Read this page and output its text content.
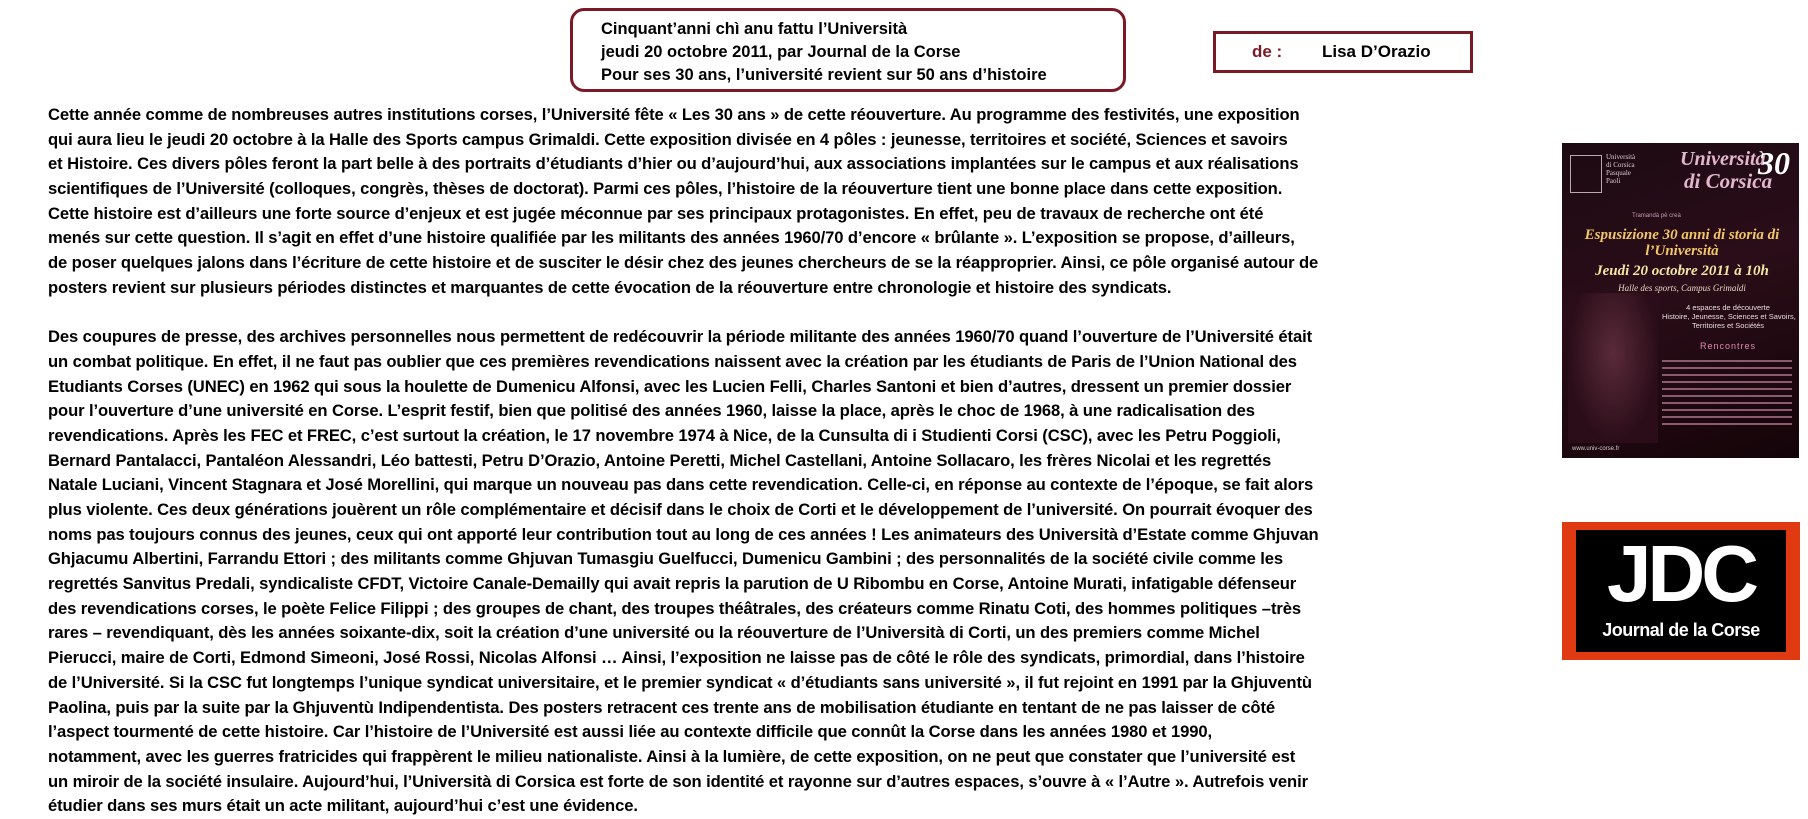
Cinquant’anni chì anu fattu l’Università
jeudi 20 octobre 2011, par Journal de la Corse
Pour ses 30 ans, l’université revient sur 50 ans d’histoire
de : Lisa D’Orazio
Cette année comme de nombreuses autres institutions corses, l’Université fête « Les 30 ans » de cette réouverture. Au programme des festivités, une exposition
qui aura lieu le jeudi 20 octobre à la Halle des Sports campus Grimaldi. Cette exposition divisée en 4 pôles : jeunesse, territoires et société, Sciences et savoirs
et Histoire. Ces divers pôles feront la part belle à des portraits d’étudiants d’hier ou d’aujourd’hui, aux associations implantées sur le campus et aux réalisations
scientifiques de l’Université (colloques, congrès, thèses de doctorat). Parmi ces pôles, l’histoire de la réouverture tient une bonne place dans cette exposition.
Cette histoire est d’ailleurs une forte source d’enjeux et est jugée méconnue par ses principaux protagonistes. En effet, peu de travaux de recherche ont été
menés sur cette question. Il s’agit en effet d’une histoire qualifiée par les militants des années 1960/70 d’encore « brûlante ». L’exposition se propose, d’ailleurs,
de poser quelques jalons dans l’écriture de cette histoire et de susciter le désir chez des jeunes chercheurs de se la réapproprier. Ainsi, ce pôle organisé autour de
posters revient sur plusieurs périodes distinctes et marquantes de cette évocation de la réouverture entre chronologie et histoire des syndicats.
Des coupures de presse, des archives personnelles nous permettent de redécouvrir la période militante des années 1960/70 quand l’ouverture de l’Université était
un combat politique. En effet, il ne faut pas oublier que ces premières revendications naissent avec la création par les étudiants de Paris de l’Union National des
Etudiants Corses (UNEC) en 1962 qui sous la houlette de Dumenicu Alfonsi, avec les Lucien Felli, Charles Santoni et bien d’autres, dressent un premier dossier
pour l’ouverture d’une université en Corse. L’esprit festif, bien que politisé des années 1960, laisse la place, après le choc de 1968, à une radicalisation des
revendications. Après les FEC et FREC, c’est surtout la création, le 17 novembre 1974 à Nice, de la Cunsulta di i Studienti Corsi (CSC), avec les Petru Poggioli,
Bernard Pantalacci, Pantaléon Alessandri, Léo battesti, Petru D’Orazio, Antoine Peretti, Michel Castellani, Antoine Sollacaro, les frères Nicolai et les regrettés
Natale Luciani, Vincent Stagnara et José Morellini, qui marque un nouveau pas dans cette revendication. Celle-ci, en réponse au contexte de l’époque, se fait alors
plus violente. Ces deux générations jouèrent un rôle complémentaire et décisif dans le choix de Corti et le développement de l’université. On pourrait évoquer des
noms pas toujours connus des jeunes, ceux qui ont apporté leur contribution tout au long de ces années ! Les animateurs des Università d’Estate comme Ghjuvan
Ghjacumu Albertini, Farrandu Ettori ; des militants comme Ghjuvan Tumasgiu Guelfucci, Dumenicu Gambini ; des personnalités de la société civile comme les
regrettés Sanvitus Predali, syndicaliste CFDT, Victoire Canale-Demailly qui avait repris la parution de U Ribombu en Corse, Antoine Murati, infatigable défenseur
des revendications corses, le poète Felice Filippi ; des groupes de chant, des troupes théâtrales, des créateurs comme Rinatu Coti, des hommes politiques –très
rares – revendiquant, dès les années soixante-dix, soit la création d’une université ou la réouverture de l’Università di Corti, un des premiers comme Michel
Pierucci, maire de Corti, Edmond Simeoni, José Rossi, Nicolas Alfonsi … Ainsi, l’exposition ne laisse pas de côté le rôle des syndicats, primordial, dans l’histoire
de l’Université. Si la CSC fut longtemps l’unique syndicat universitaire, et le premier syndicat « d’étudiants sans université », il fut rejoint en 1991 par la Ghjuventù
Paolina, puis par la suite par la Ghjuventù Indipendentista. Des posters retracent ces trente ans de mobilisation étudiante en tentant de ne pas laisser de côté
l’aspect tourmenté de cette histoire. Car l’histoire de l’Université est aussi liée au contexte difficile que connût la Corse dans les années 1980 et 1990,
notamment, avec les guerres fratricides qui frappèrent le milieu nationaliste. Ainsi à la lumière, de cette exposition, on ne peut que constater que l’université est
un miroir de la société insulaire. Aujourd’hui, l’Università di Corsica est forte de son identité et rayonne sur d’autres espaces, s’ouvre à « l’Autre ». Autrefois venir
étudier dans ses murs était un acte militant, aujourd’hui c’est une évidence.
Università
di Corsica
Pasquale
Paoli
Università
di Corsica
30
Tramandà pè creà
Espusizione 30 anni di storia di l’Università
Jeudi 20 octobre 2011 à 10h
Halle des sports, Campus Grimaldi
4 espaces de découverte
Histoire, Jeunesse, Sciences et Savoirs,
Territoires et Sociétés
Rencontres
www.univ-corse.fr
JDC
Journal de la Corse
